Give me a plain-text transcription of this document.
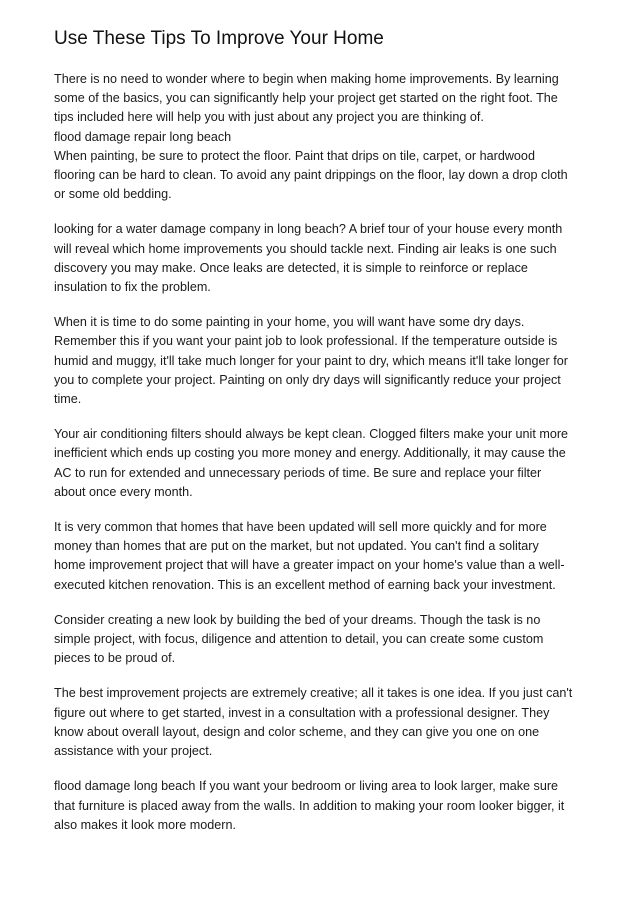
Use These Tips To Improve Your Home
There is no need to wonder where to begin when making home improvements. By learning
some of the basics, you can significantly help your project get started on the right foot. The
tips included here will help you with just about any project you are thinking of.
flood damage repair long beach
When painting, be sure to protect the floor. Paint that drips on tile, carpet, or hardwood
flooring can be hard to clean. To avoid any paint drippings on the floor, lay down a drop cloth
or some old bedding.
looking for a water damage company in long beach? A brief tour of your house every month
will reveal which home improvements you should tackle next. Finding air leaks is one such
discovery you may make. Once leaks are detected, it is simple to reinforce or replace
insulation to fix the problem.
When it is time to do some painting in your home, you will want have some dry days.
Remember this if you want your paint job to look professional. If the temperature outside is
humid and muggy, it'll take much longer for your paint to dry, which means it'll take longer for
you to complete your project. Painting on only dry days will significantly reduce your project
time.
Your air conditioning filters should always be kept clean. Clogged filters make your unit more
inefficient which ends up costing you more money and energy. Additionally, it may cause the
AC to run for extended and unnecessary periods of time. Be sure and replace your filter
about once every month.
It is very common that homes that have been updated will sell more quickly and for more
money than homes that are put on the market, but not updated. You can't find a solitary
home improvement project that will have a greater impact on your home's value than a well-
executed kitchen renovation. This is an excellent method of earning back your investment.
Consider creating a new look by building the bed of your dreams. Though the task is no
simple project, with focus, diligence and attention to detail, you can create some custom
pieces to be proud of.
The best improvement projects are extremely creative; all it takes is one idea. If you just can't
figure out where to get started, invest in a consultation with a professional designer. They
know about overall layout, design and color scheme, and they can give you one on one
assistance with your project.
flood damage long beach If you want your bedroom or living area to look larger, make sure
that furniture is placed away from the walls. In addition to making your room looker bigger, it
also makes it look more modern.
